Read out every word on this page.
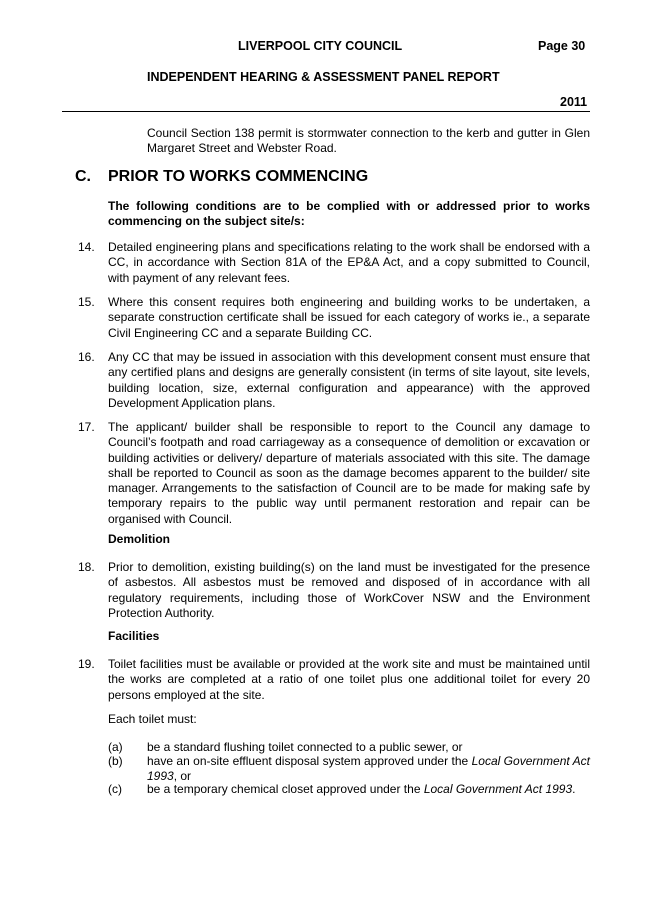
LIVERPOOL CITY COUNCIL	Page 30
INDEPENDENT HEARING & ASSESSMENT PANEL REPORT
2011
Council Section 138 permit is stormwater connection to the kerb and gutter in Glen Margaret Street and Webster Road.
C. PRIOR TO WORKS COMMENCING
The following conditions are to be complied with or addressed prior to works commencing on the subject site/s:
14. Detailed engineering plans and specifications relating to the work shall be endorsed with a CC, in accordance with Section 81A of the EP&A Act, and a copy submitted to Council, with payment of any relevant fees.
15. Where this consent requires both engineering and building works to be undertaken, a separate construction certificate shall be issued for each category of works ie., a separate Civil Engineering CC and a separate Building CC.
16. Any CC that may be issued in association with this development consent must ensure that any certified plans and designs are generally consistent (in terms of site layout, site levels, building location, size, external configuration and appearance) with the approved Development Application plans.
17. The applicant/ builder shall be responsible to report to the Council any damage to Council’s footpath and road carriageway as a consequence of demolition or excavation or building activities or delivery/ departure of materials associated with this site. The damage shall be reported to Council as soon as the damage becomes apparent to the builder/ site manager. Arrangements to the satisfaction of Council are to be made for making safe by temporary repairs to the public way until permanent restoration and repair can be organised with Council.
Demolition
18. Prior to demolition, existing building(s) on the land must be investigated for the presence of asbestos. All asbestos must be removed and disposed of in accordance with all regulatory requirements, including those of WorkCover NSW and the Environment Protection Authority.
Facilities
19. Toilet facilities must be available or provided at the work site and must be maintained until the works are completed at a ratio of one toilet plus one additional toilet for every 20 persons employed at the site.
Each toilet must:
(a) be a standard flushing toilet connected to a public sewer, or
(b) have an on-site effluent disposal system approved under the Local Government Act 1993, or
(c) be a temporary chemical closet approved under the Local Government Act 1993.
